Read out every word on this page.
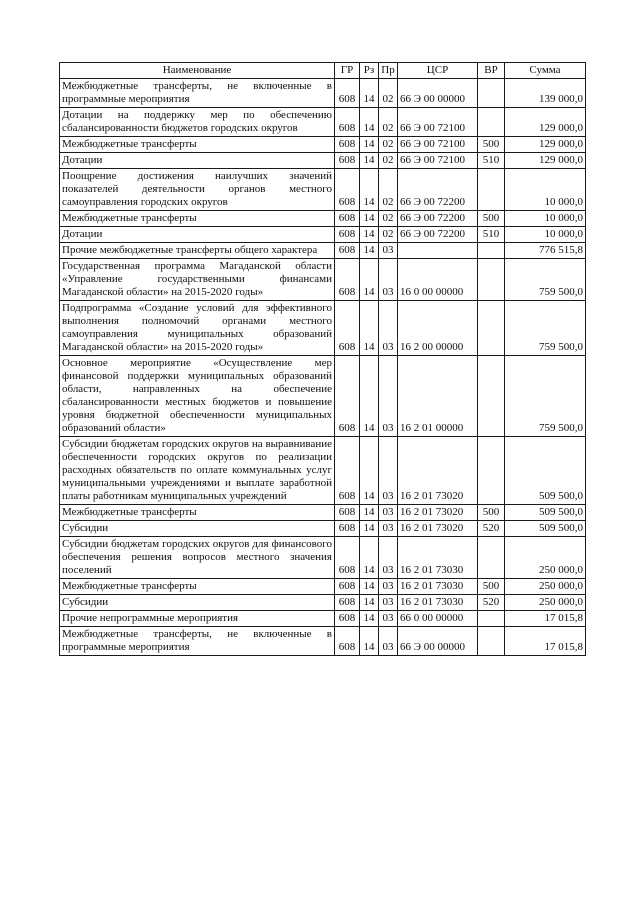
Наименование	ГР	Рз	Пр	ЦСР	ВР	Сумма
Межбюджетные трансферты, не включенные в программные мероприятия	608	14	02	66 Э 00 00000		139 000,0
Дотации на поддержку мер по обеспечению сбалансированности бюджетов городских округов	608	14	02	66 Э 00 72100		129 000,0
Межбюджетные трансферты	608	14	02	66 Э 00 72100	500	129 000,0
Дотации	608	14	02	66 Э 00 72100	510	129 000,0
Поощрение достижения наилучших значений показателей деятельности органов местного самоуправления городских округов	608	14	02	66 Э 00 72200		10 000,0
Межбюджетные трансферты	608	14	02	66 Э 00 72200	500	10 000,0
Дотации	608	14	02	66 Э 00 72200	510	10 000,0
Прочие межбюджетные трансферты общего характера	608	14	03			776 515,8
Государственная программа Магаданской области «Управление государственными финансами Магаданской области» на 2015-2020 годы»	608	14	03	16 0 00 00000		759 500,0
Подпрограмма «Создание условий для эффективного выполнения полномочий органами местного самоуправления муниципальных образований Магаданской области» на 2015-2020 годы»	608	14	03	16 2 00 00000		759 500,0
Основное мероприятие «Осуществление мер финансовой поддержки муниципальных образований области, направленных на обеспечение сбалансированности местных бюджетов и повышение уровня бюджетной обеспеченности муниципальных образований области»	608	14	03	16 2 01 00000		759 500,0
Субсидии бюджетам городских округов на выравнивание обеспеченности городских округов по реализации расходных обязательств по оплате коммунальных услуг муниципальными учреждениями и выплате заработной платы работникам муниципальных учреждений	608	14	03	16 2 01 73020		509 500,0
Межбюджетные трансферты	608	14	03	16 2 01 73020	500	509 500,0
Субсидии	608	14	03	16 2 01 73020	520	509 500,0
Субсидии бюджетам городских округов для финансового обеспечения решения вопросов местного значения поселений	608	14	03	16 2 01 73030		250 000,0
Межбюджетные трансферты	608	14	03	16 2 01 73030	500	250 000,0
Субсидии	608	14	03	16 2 01 73030	520	250 000,0
Прочие непрограммные мероприятия	608	14	03	66 0 00 00000		17 015,8
Межбюджетные трансферты, не включенные в программные мероприятия	608	14	03	66 Э 00 00000		17 015,8
